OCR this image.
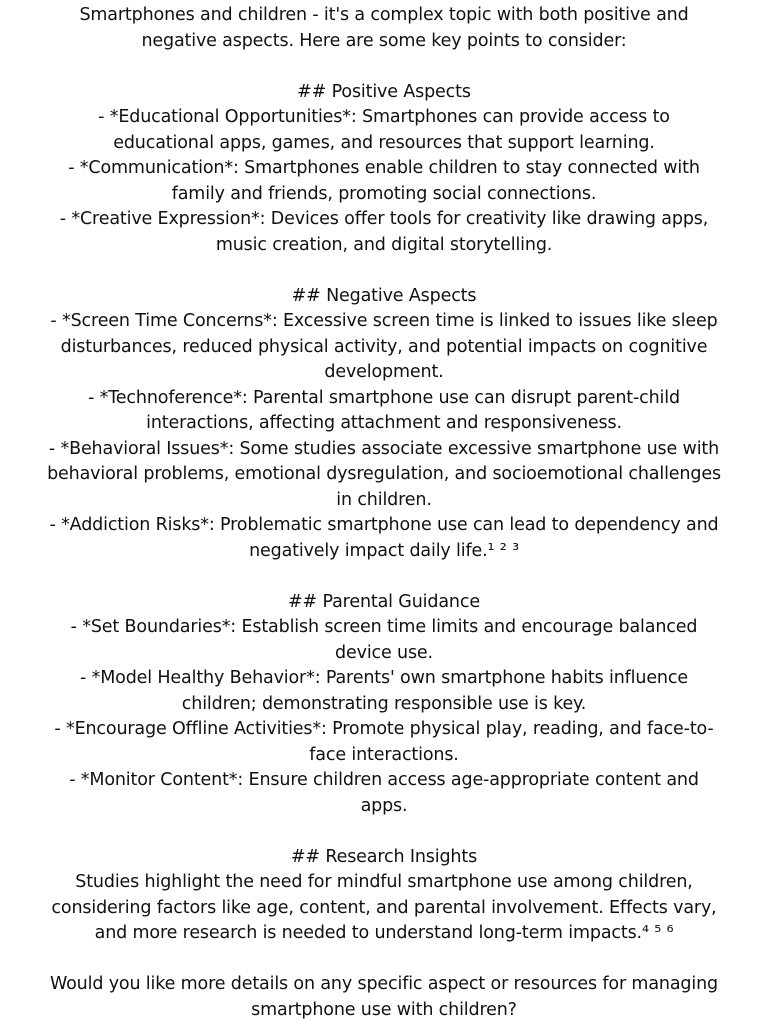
Smartphones and children - it's a complex topic with both positive and
negative aspects. Here are some key points to consider:

## Positive Aspects
- *Educational Opportunities*: Smartphones can provide access to
educational apps, games, and resources that support learning.
- *Communication*: Smartphones enable children to stay connected with
family and friends, promoting social connections.
- *Creative Expression*: Devices offer tools for creativity like drawing apps,
music creation, and digital storytelling.

## Negative Aspects
- *Screen Time Concerns*: Excessive screen time is linked to issues like sleep
disturbances, reduced physical activity, and potential impacts on cognitive
development.
- *Technoference*: Parental smartphone use can disrupt parent-child
interactions, affecting attachment and responsiveness.
- *Behavioral Issues*: Some studies associate excessive smartphone use with
behavioral problems, emotional dysregulation, and socioemotional challenges
in children.
- *Addiction Risks*: Problematic smartphone use can lead to dependency and
negatively impact daily life.¹ ² ³

## Parental Guidance
- *Set Boundaries*: Establish screen time limits and encourage balanced
device use.
- *Model Healthy Behavior*: Parents' own smartphone habits influence
children; demonstrating responsible use is key.
- *Encourage Offline Activities*: Promote physical play, reading, and face-to-
face interactions.
- *Monitor Content*: Ensure children access age-appropriate content and
apps.

## Research Insights
Studies highlight the need for mindful smartphone use among children,
considering factors like age, content, and parental involvement. Effects vary,
and more research is needed to understand long-term impacts.⁴ ⁵ ⁶

Would you like more details on any specific aspect or resources for managing
smartphone use with children?
